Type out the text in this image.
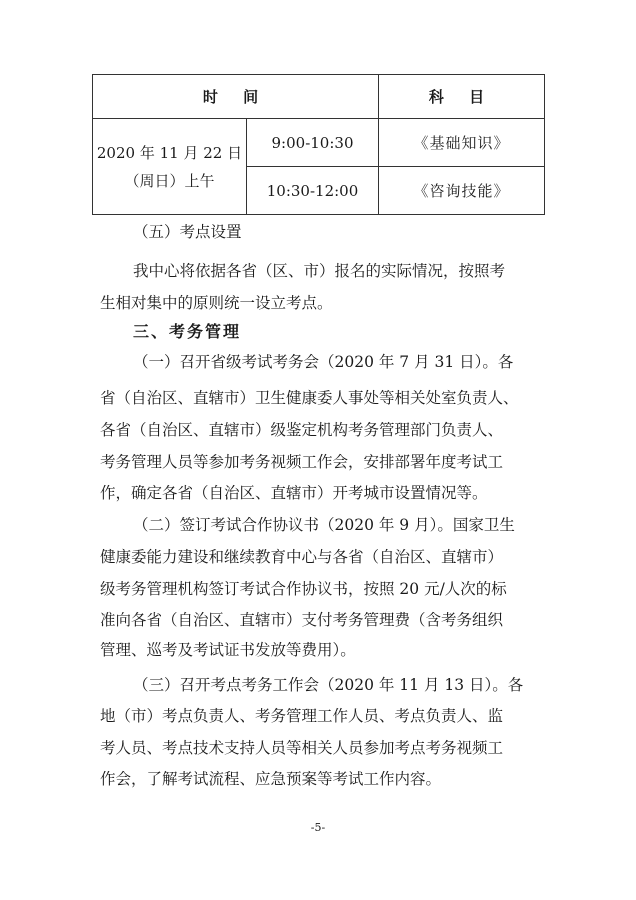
时 间		科 目

2020 年 11 月 22 日
（周日）上午	9:00-10:30	《基础知识》
	10:30-12:00	《咨询技能》
（五）考点设置
我中心将依据各省（区、市）报名的实际情况，按照考
生相对集中的原则统一设立考点。
三、考务管理
（一）召开省级考试考务会（2020 年 7 月 31 日）。各
省（自治区、直辖市）卫生健康委人事处等相关处室负责人、
各省（自治区、直辖市）级鉴定机构考务管理部门负责人、
考务管理人员等参加考务视频工作会，安排部署年度考试工
作，确定各省（自治区、直辖市）开考城市设置情况等。
（二）签订考试合作协议书（2020 年 9 月）。国家卫生
健康委能力建设和继续教育中心与各省（自治区、直辖市）
级考务管理机构签订考试合作协议书，按照 20 元/人次的标
准向各省（自治区、直辖市）支付考务管理费（含考务组织
管理、巡考及考试证书发放等费用）。
（三）召开考点考务工作会（2020 年 11 月 13 日）。各
地（市）考点负责人、考务管理工作人员、考点负责人、监
考人员、考点技术支持人员等相关人员参加考点考务视频工
作会，了解考试流程、应急预案等考试工作内容。
-5-
